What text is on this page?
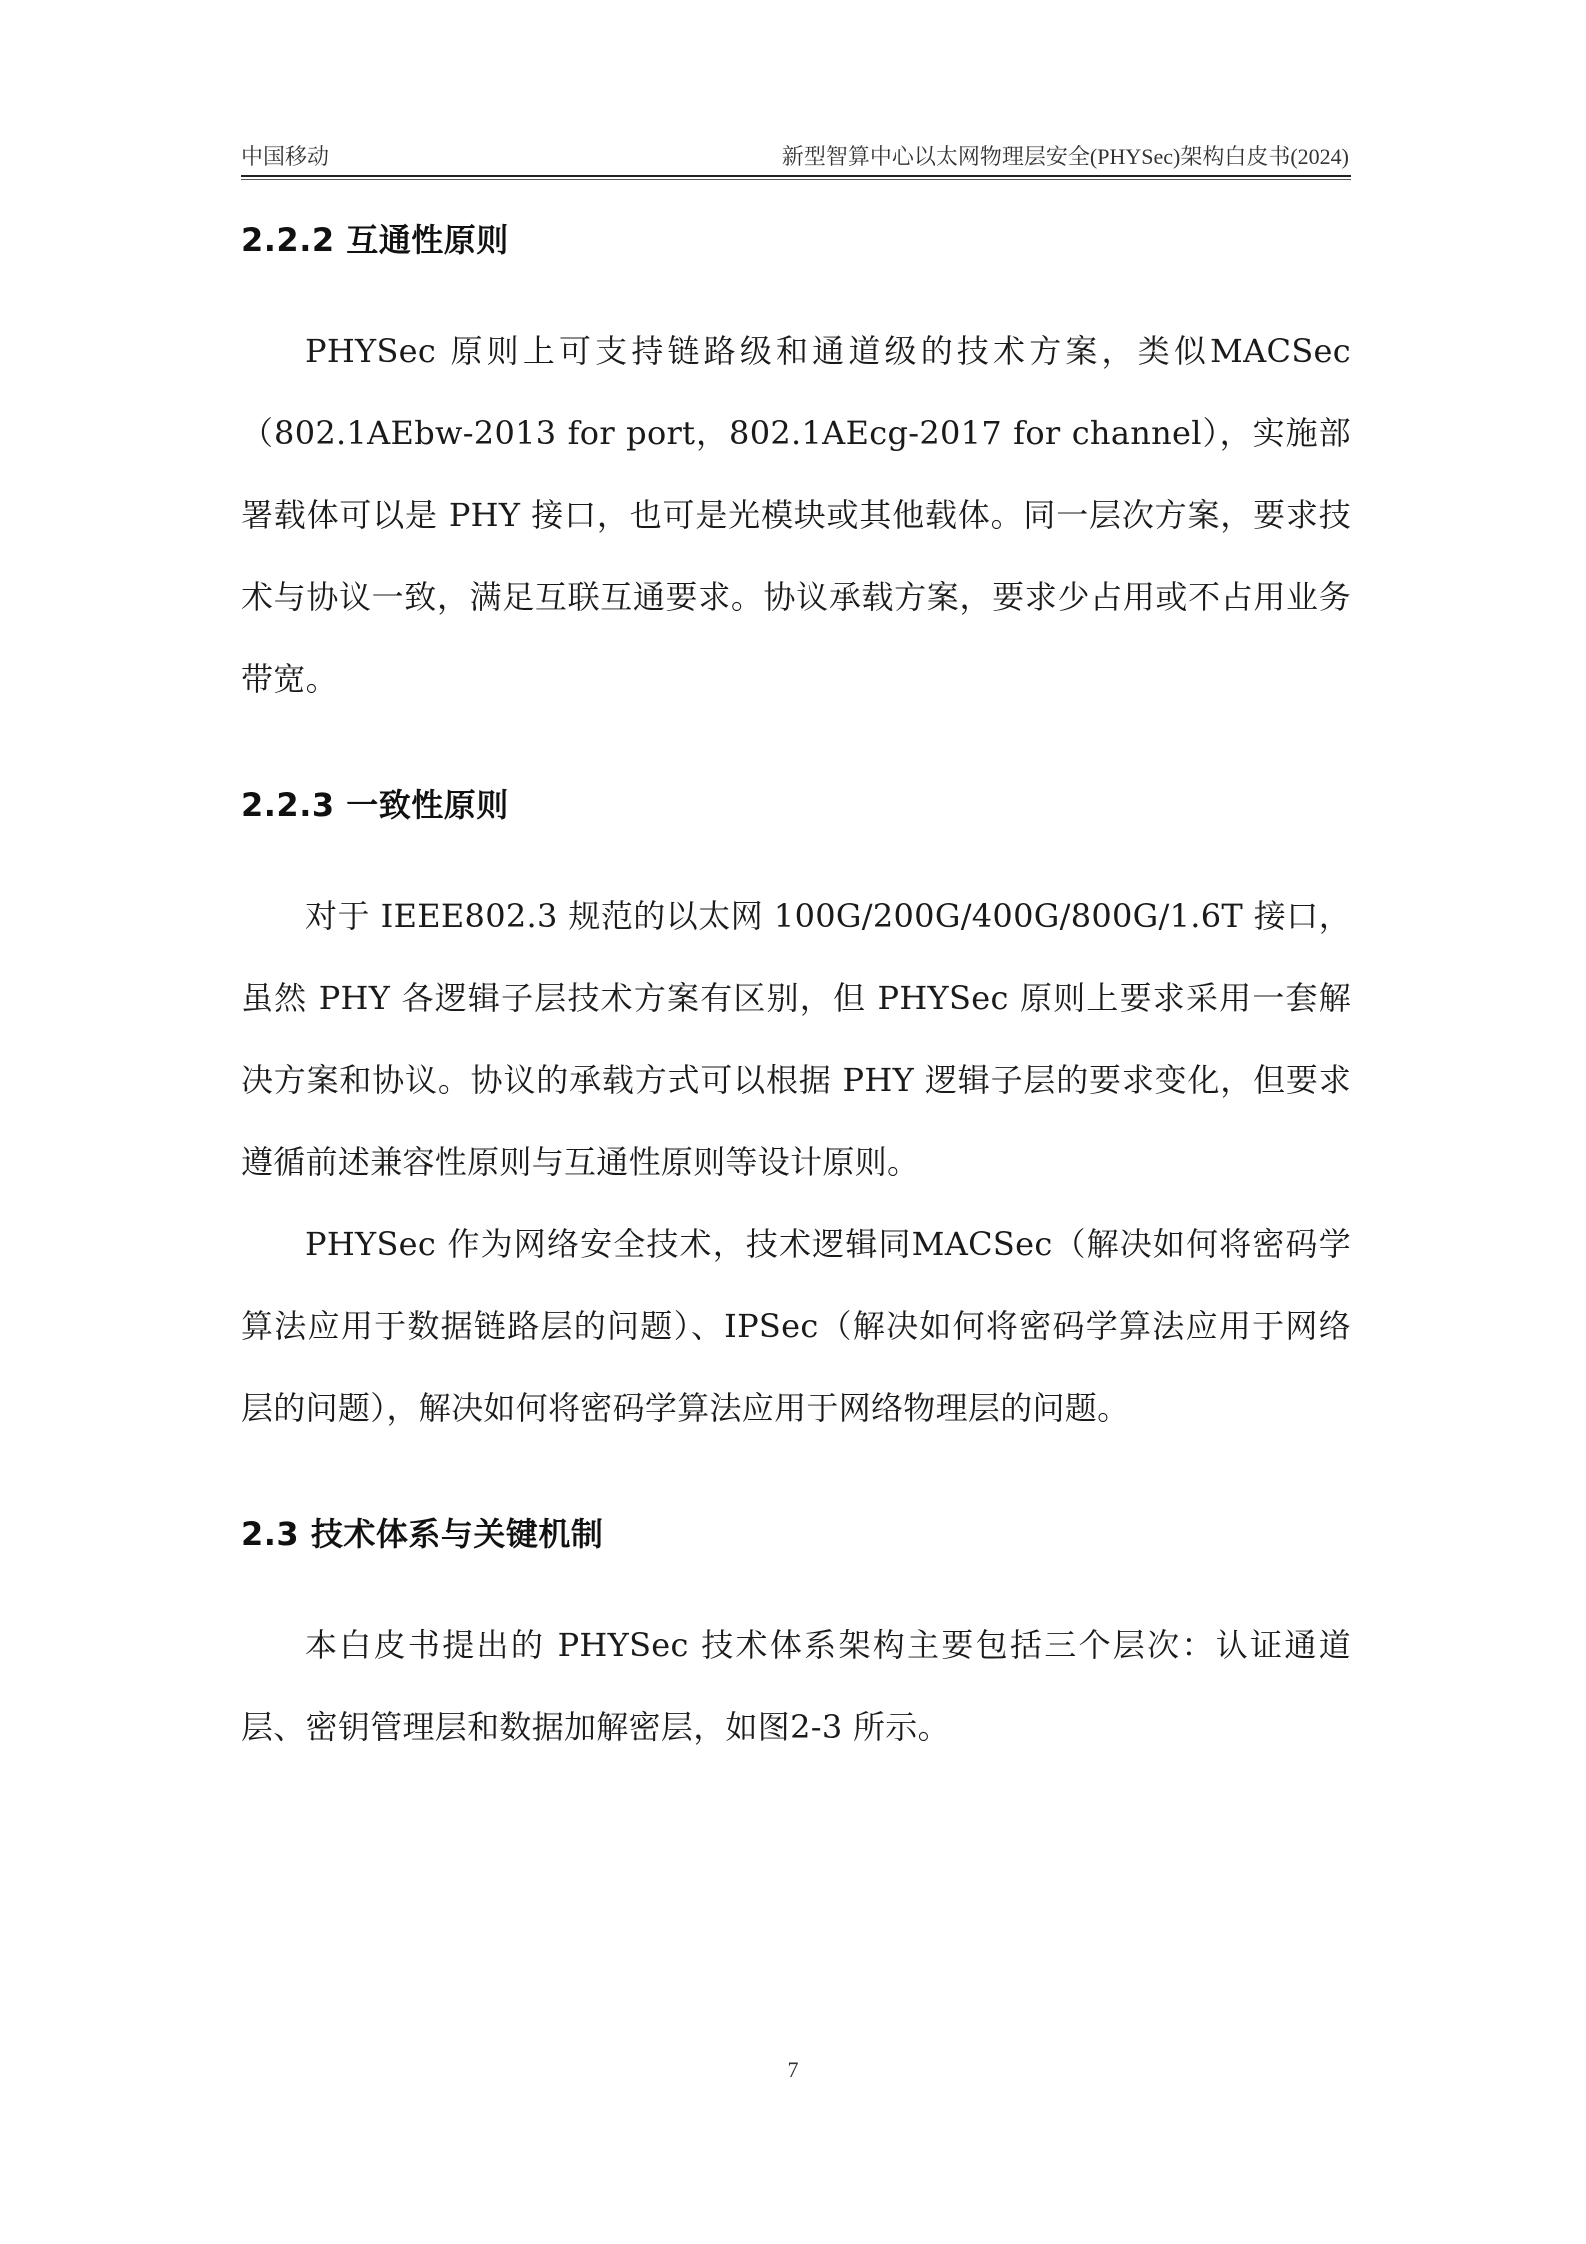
中国移动	新型智算中心以太网物理层安全(PHYSec)架构白皮书(2024)
2.2.2 互通性原则

PHYSec 原则上可支持链路级和通道级的技术方案，类似MACSec（802.1AEbw-2013 for port，802.1AEcg-2017 for channel），实施部署载体可以是 PHY 接口，也可是光模块或其他载体。同一层次方案，要求技术与协议一致，满足互联互通要求。协议承载方案，要求少占用或不占用业务带宽。

2.2.3 一致性原则

对于 IEEE802.3 规范的以太网 100G/200G/400G/800G/1.6T 接口，虽然 PHY 各逻辑子层技术方案有区别，但 PHYSec 原则上要求采用一套解决方案和协议。协议的承载方式可以根据 PHY 逻辑子层的要求变化，但要求遵循前述兼容性原则与互通性原则等设计原则。

PHYSec 作为网络安全技术，技术逻辑同MACSec（解决如何将密码学算法应用于数据链路层的问题）、IPSec（解决如何将密码学算法应用于网络层的问题），解决如何将密码学算法应用于网络物理层的问题。

2.3 技术体系与关键机制

本白皮书提出的 PHYSec 技术体系架构主要包括三个层次：认证通道层、密钥管理层和数据加解密层，如图2-3 所示。

7
